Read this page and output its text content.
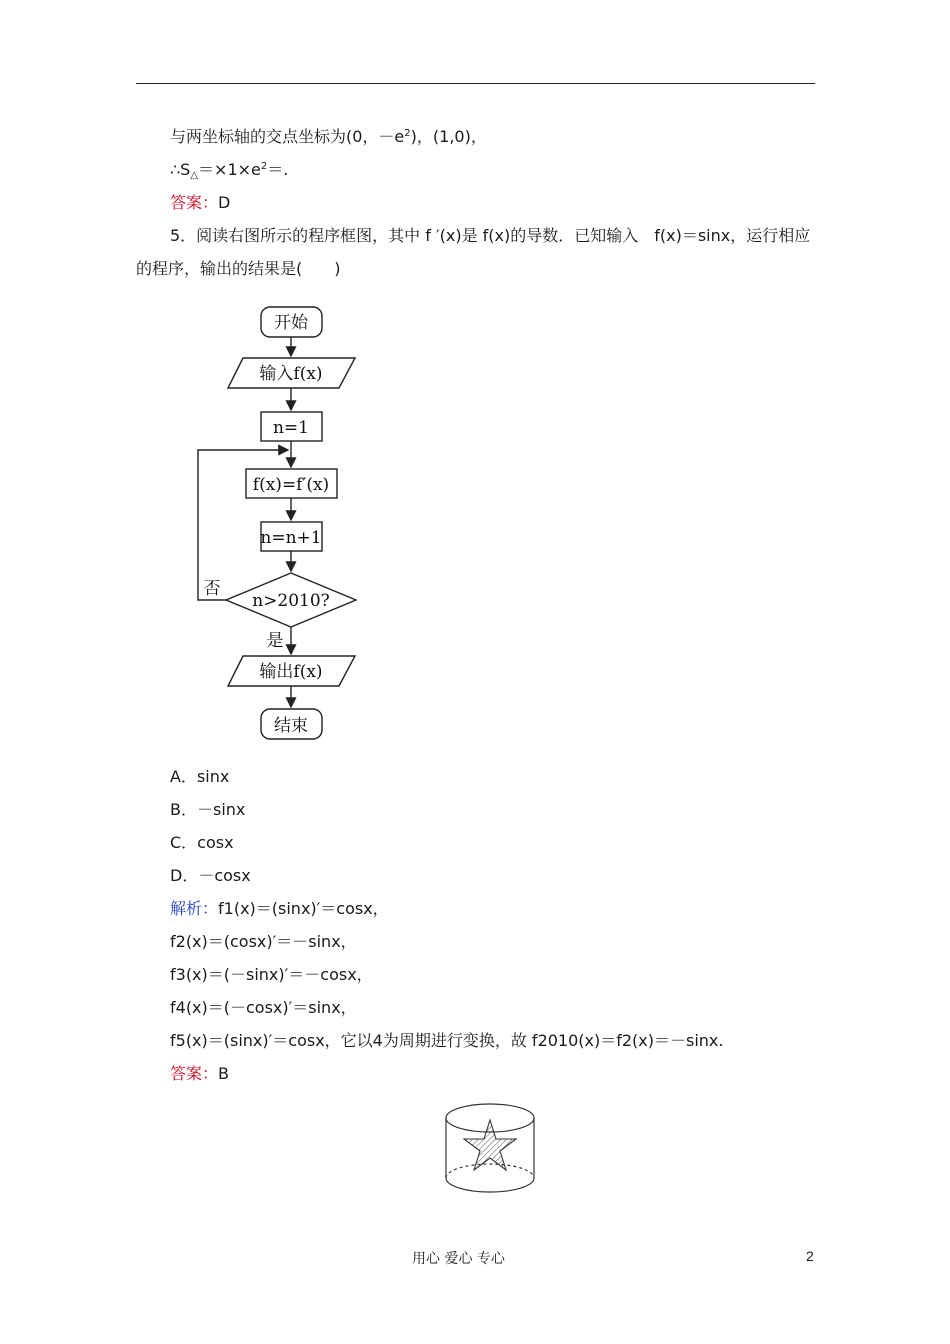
与两坐标轴的交点坐标为(0，$-e^2$)，(1,0)，
$\therefore S_\triangle=\times 1\times e^2=$.
答案：D
5．阅读右图所示的程序框图，其中 f ′(x)是 f(x)的导数．已知输入　f(x)＝sinx，运行相应
的程序，输出的结果是(　　)
开始
输入f(x)
n=1
f(x)=f′(x)
n=n+1
n>2010?
否
是
输出f(x)
结束
A．sinx
B．－sinx
C．cosx
D．－cosx
解析：f1(x)＝(sinx)′＝cosx，
f2(x)＝(cosx)′＝－sinx，
f3(x)＝(－sinx)′＝－cosx，
f4(x)＝(－cosx)′＝sinx，
f5(x)＝(sinx)′＝cosx，它以4为周期进行变换，故 f2010(x)＝f2(x)＝－sinx.
答案：B
用心 爱心 专心	2
